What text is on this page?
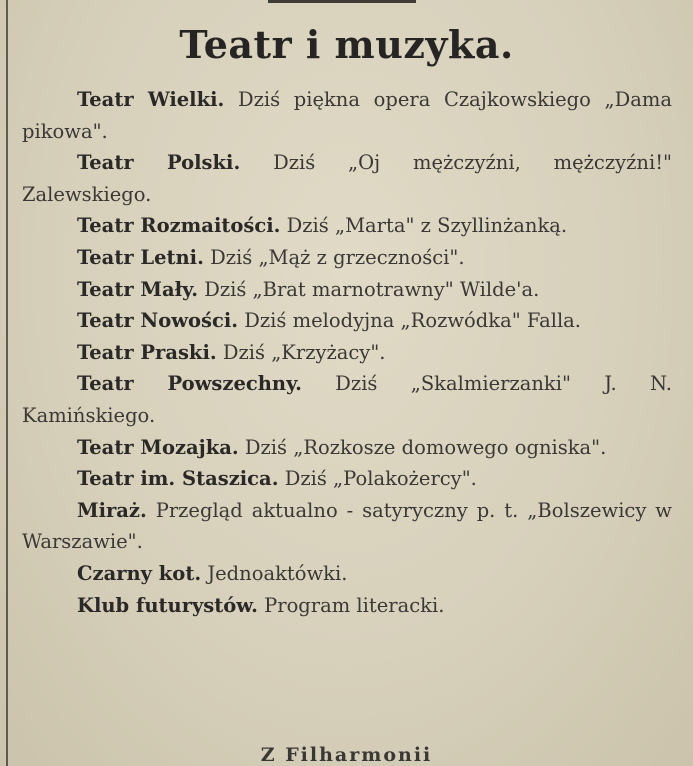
Teatr i muzyka.

Teatr Wielki. Dziś piękna opera Czajkowskiego „Dama pikowa".

Teatr Polski. Dziś „Oj mężczyźni, mężczyźni!" Zalewskiego.

Teatr Rozmaitości. Dziś „Marta" z Szyllinżanką.

Teatr Letni. Dziś „Mąż z grzeczności".

Teatr Mały. Dziś „Brat marnotrawny" Wilde'a.

Teatr Nowości. Dziś melodyjna „Rozwódka" Falla.

Teatr Praski. Dziś „Krzyżacy".

Teatr Powszechny. Dziś „Skalmierzanki" J. N. Kamińskiego.

Teatr Mozajka. Dziś „Rozkosze domowego ogniska".

Teatr im. Staszica. Dziś „Polakożercy".

Miraż. Przegląd aktualno - satyryczny p. t. „Bolszewicy w Warszawie".

Czarny kot. Jednoaktówki.

Klub futurystów. Program literacki.

Z Filharmonii
